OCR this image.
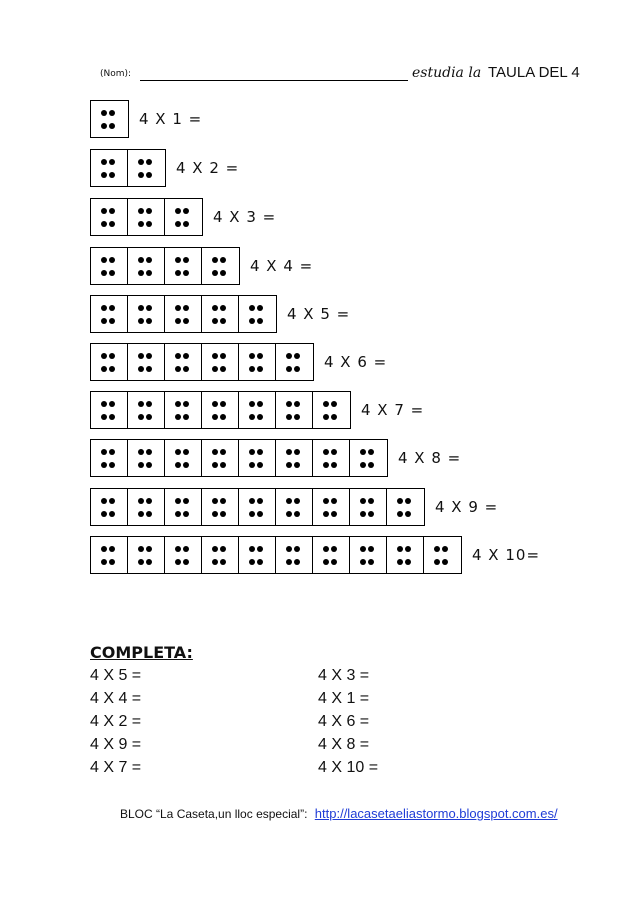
(Nom):	estudia la TAULA DEL 4
4 X 1 =
4 X 2 =
4 X 3 =
4 X 4 =
4 X 5 =
4 X 6 =
4 X 7 =
4 X 8 =
4 X 9 =
4 X 10=
COMPLETA:
4 X 5 =
4 X 4 =
4 X 2 =
4 X 9 =
4 X 7 =
4 X 3 =
4 X 1 =
4 X 6 =
4 X 8 =
4 X 10 =
BLOC “La Caseta,un lloc especial”: http://lacasetaeliastormo.blogspot.com.es/
